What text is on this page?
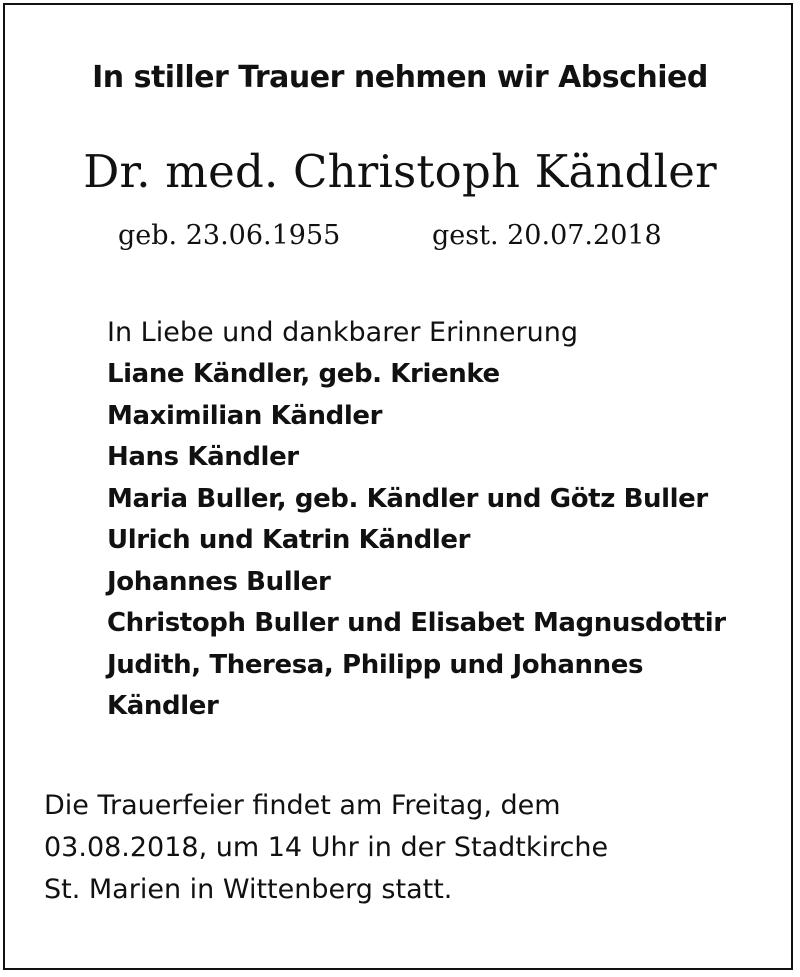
In stiller Trauer nehmen wir Abschied
Dr. med. Christoph Kändler
geb. 23.06.1955	gest. 20.07.2018
In Liebe und dankbarer Erinnerung
Liane Kändler, geb. Krienke
Maximilian Kändler
Hans Kändler
Maria Buller, geb. Kändler und Götz Buller
Ulrich und Katrin Kändler
Johannes Buller
Christoph Buller und Elisabet Magnusdottir
Judith, Theresa, Philipp und Johannes
Kändler
Die Trauerfeier findet am Freitag, dem
03.08.2018, um 14 Uhr in der Stadtkirche
St. Marien in Wittenberg statt.
